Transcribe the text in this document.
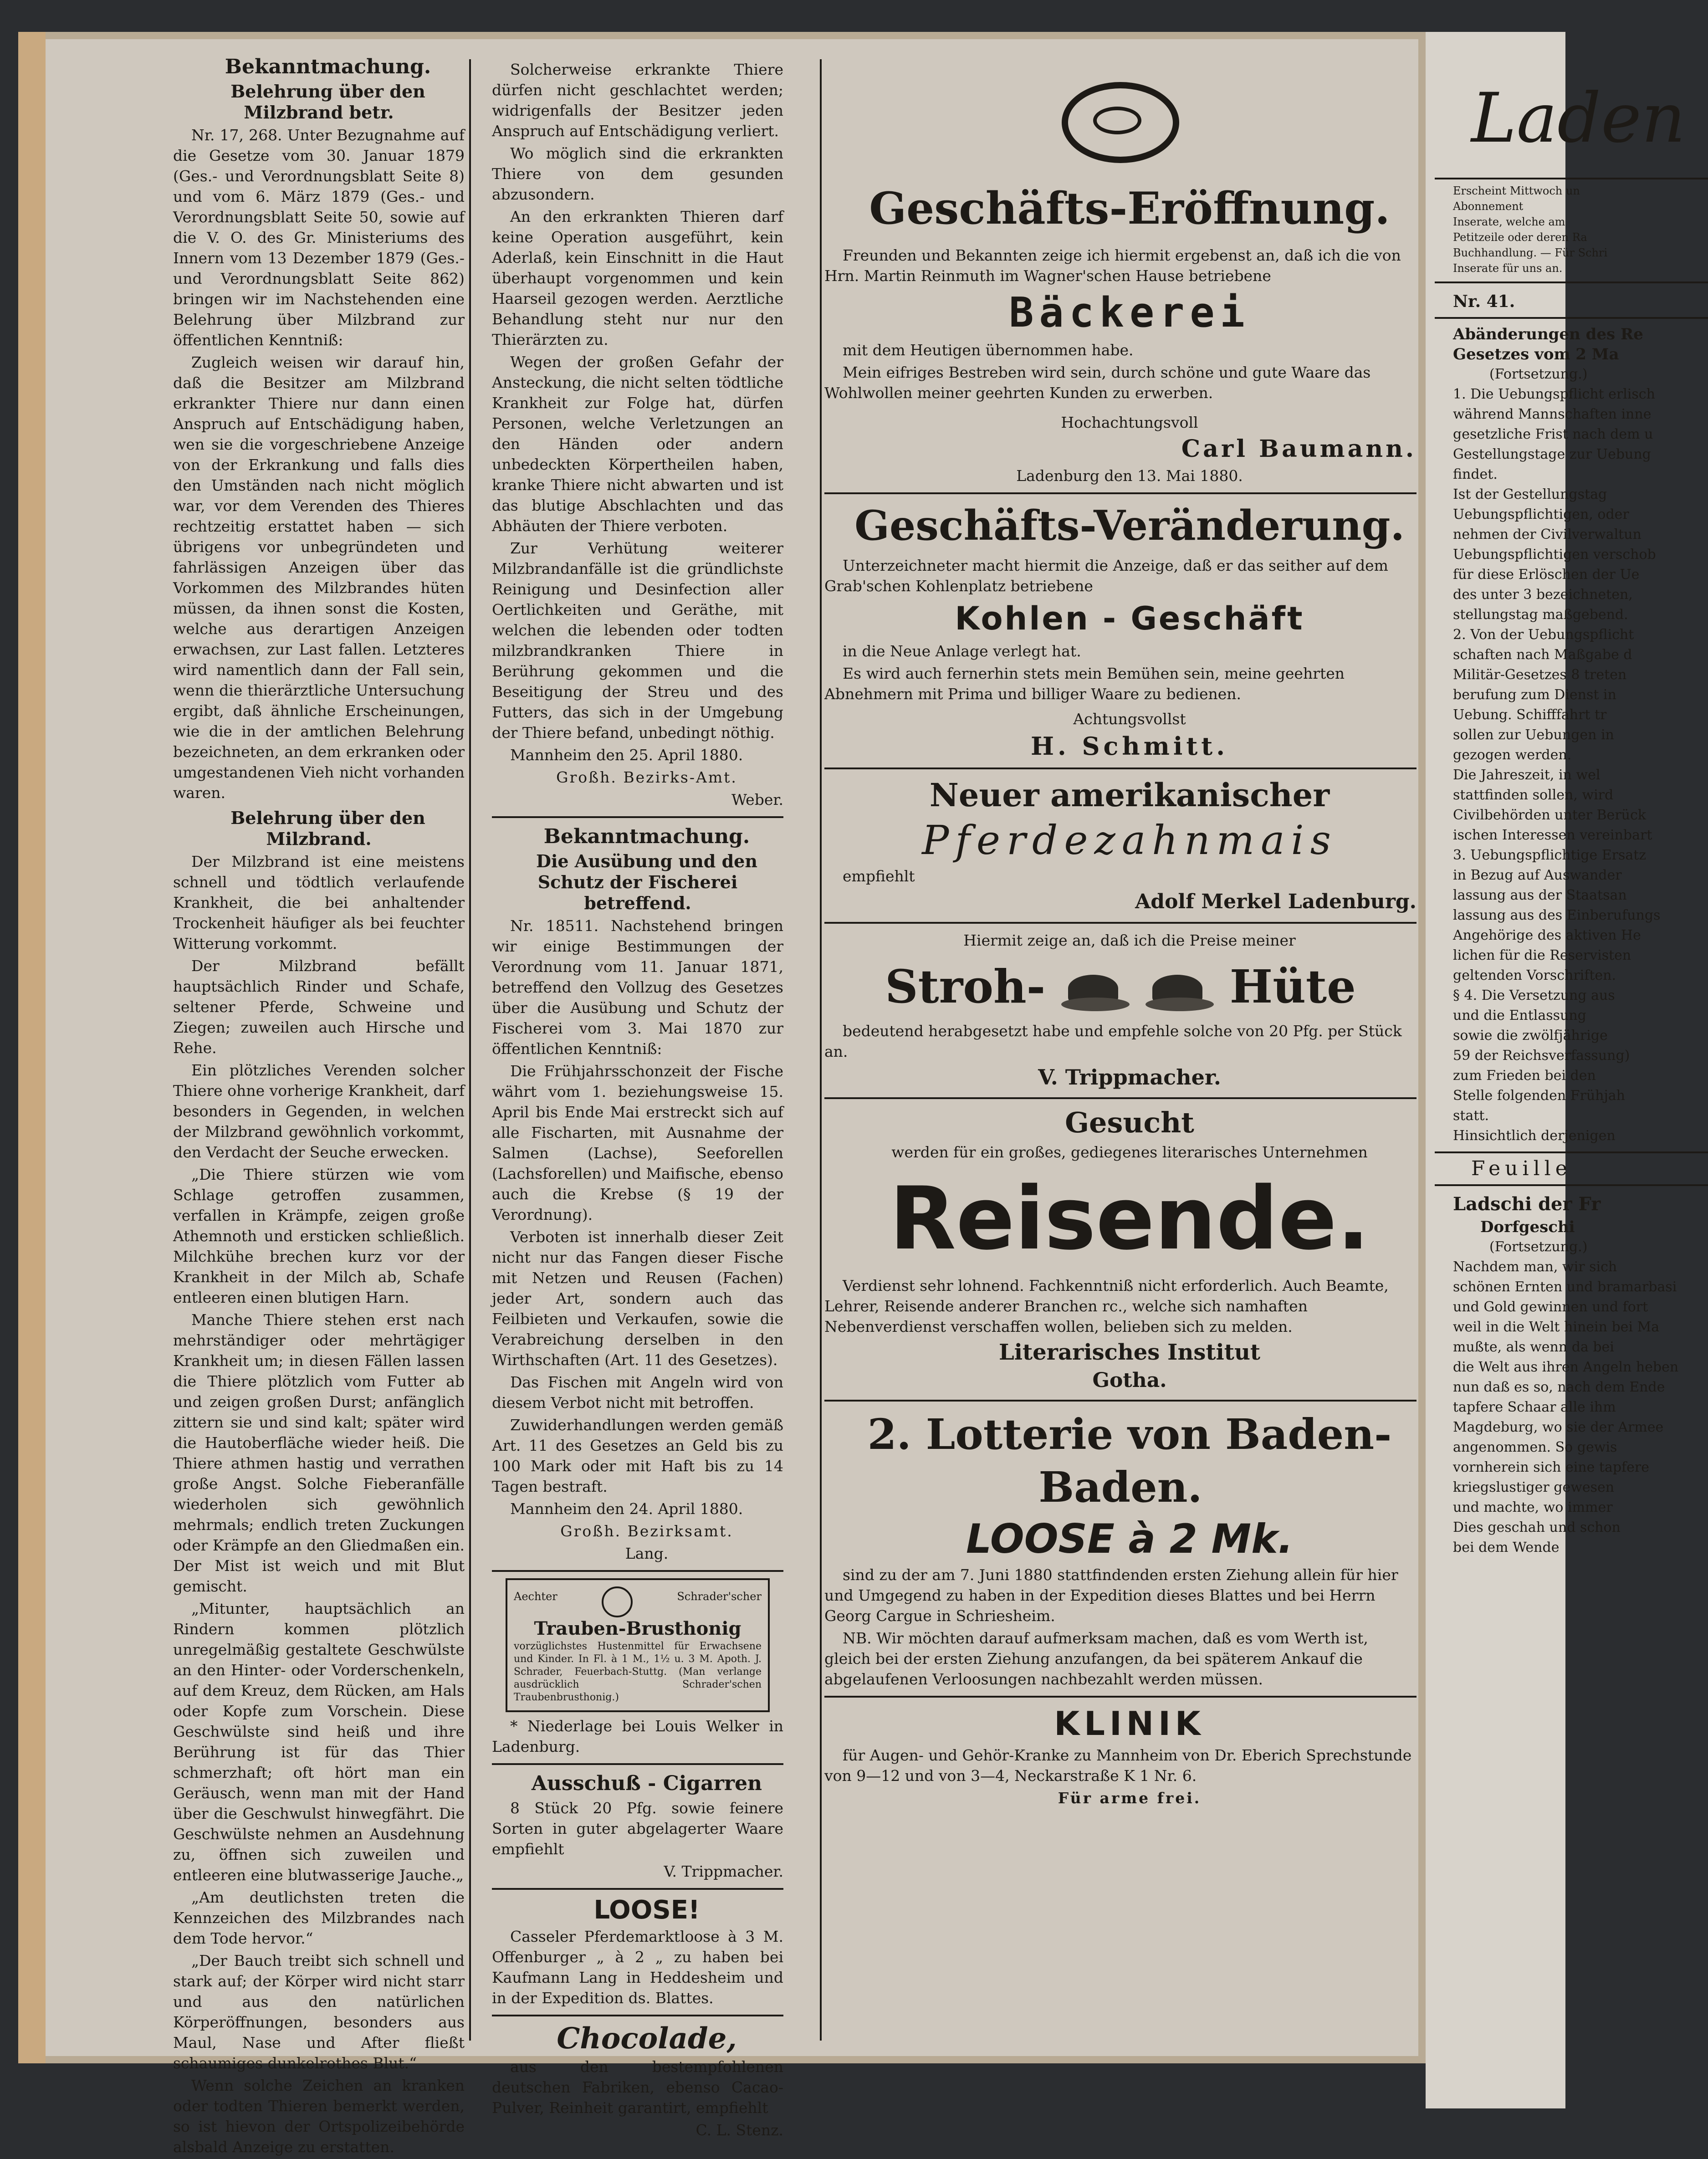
Bekanntmachung.

Belehrung über den Milzbrand betr.

Nr. 17, 268. Unter Bezugnahme auf die Gesetze vom 30. Januar 1879 (Ges.- und Verordnungsblatt Seite 8) und vom 6. März 1879 (Ges.- und Verordnungsblatt Seite 50, sowie auf die V. O. des Gr. Ministeriums des Innern vom 13 Dezember 1879 (Ges.- und Verordnungsblatt Seite 862) bringen wir im Nachstehenden eine Belehrung über Milzbrand zur öffentlichen Kenntniß:

Zugleich weisen wir darauf hin, daß die Besitzer am Milzbrand erkrankter Thiere nur dann einen Anspruch auf Entschädigung haben, wen sie die vorgeschriebene Anzeige von der Erkrankung und falls dies den Umständen nach nicht möglich war, vor dem Verenden des Thieres rechtzeitig erstattet haben — sich übrigens vor unbegründeten und fahrlässigen Anzeigen über das Vorkommen des Milzbrandes hüten müssen, da ihnen sonst die Kosten, welche aus derartigen Anzeigen erwachsen, zur Last fallen. Letzteres wird namentlich dann der Fall sein, wenn die thierärztliche Untersuchung ergibt, daß ähnliche Erscheinungen, wie die in der amtlichen Belehrung bezeichneten, an dem erkranken oder umgestandenen Vieh nicht vorhanden waren.

Belehrung über den Milzbrand.

Der Milzbrand ist eine meistens schnell und tödtlich verlaufende Krankheit, die bei anhaltender Trockenheit häufiger als bei feuchter Witterung vorkommt.

Der Milzbrand befällt hauptsächlich Rinder und Schafe, seltener Pferde, Schweine und Ziegen; zuweilen auch Hirsche und Rehe.

Ein plötzliches Verenden solcher Thiere ohne vorherige Krankheit, darf besonders in Gegenden, in welchen der Milzbrand gewöhnlich vorkommt, den Verdacht der Seuche erwecken.

„Die Thiere stürzen wie vom Schlage getroffen zusammen, verfallen in Krämpfe, zeigen große Athemnoth und ersticken schließlich. Milchkühe brechen kurz vor der Krankheit in der Milch ab, Schafe entleeren einen blutigen Harn.

Manche Thiere stehen erst nach mehrständiger oder mehrtägiger Krankheit um; in diesen Fällen lassen die Thiere plötzlich vom Futter ab und zeigen großen Durst; anfänglich zittern sie und sind kalt; später wird die Hautoberfläche wieder heiß. Die Thiere athmen hastig und verrathen große Angst. Solche Fieberanfälle wiederholen sich gewöhnlich mehrmals; endlich treten Zuckungen oder Krämpfe an den Gliedmaßen ein. Der Mist ist weich und mit Blut gemischt.

„Mitunter, hauptsächlich an Rindern kommen plötzlich unregelmäßig gestaltete Geschwülste an den Hinter- oder Vorderschenkeln, auf dem Kreuz, dem Rücken, am Hals oder Kopfe zum Vorschein. Diese Geschwülste sind heiß und ihre Berührung ist für das Thier schmerzhaft; oft hört man ein Geräusch, wenn man mit der Hand über die Geschwulst hinwegfährt. Die Geschwülste nehmen an Ausdehnung zu, öffnen sich zuweilen und entleeren eine blutwasserige Jauche.„

„Am deutlichsten treten die Kennzeichen des Milzbrandes nach dem Tode hervor.“

„Der Bauch treibt sich schnell und stark auf; der Körper wird nicht starr und aus den natürlichen Körperöffnungen, besonders aus Maul, Nase und After fließt schaumiges dunkelrothes Blut.“

Wenn solche Zeichen an kranken oder todten Thieren bemerkt werden, so ist hievon der Ortspolizeibehörde alsbald Anzeige zu erstatten.

Solcherweise erkrankte Thiere dürfen nicht geschlachtet werden; widrigenfalls der Besitzer jeden Anspruch auf Entschädigung verliert.

Wo möglich sind die erkrankten Thiere von dem gesunden abzusondern.

An den erkrankten Thieren darf keine Operation ausgeführt, kein Aderlaß, kein Einschnitt in die Haut überhaupt vorgenommen und kein Haarseil gezogen werden. Aerztliche Behandlung steht nur nur den Thierärzten zu.

Wegen der großen Gefahr der Ansteckung, die nicht selten tödtliche Krankheit zur Folge hat, dürfen Personen, welche Verletzungen an den Händen oder andern unbedeckten Körpertheilen haben, kranke Thiere nicht abwarten und ist das blutige Abschlachten und das Abhäuten der Thiere verboten.

Zur Verhütung weiterer Milzbrandanfälle ist die gründlichste Reinigung und Desinfection aller Oertlichkeiten und Geräthe, mit welchen die lebenden oder todten milzbrandkranken Thiere in Berührung gekommen und die Beseitigung der Streu und des Futters, das sich in der Umgebung der Thiere befand, unbedingt nöthig.

Mannheim den 25. April 1880.

Großh. Bezirks-Amt.

Weber.

Bekanntmachung.

Die Ausübung und den Schutz der Fischerei betreffend.

Nr. 18511. Nachstehend bringen wir einige Bestimmungen der Verordnung vom 11. Januar 1871, betreffend den Vollzug des Gesetzes über die Ausübung und Schutz der Fischerei vom 3. Mai 1870 zur öffentlichen Kenntniß:

Die Frühjahrsschonzeit der Fische währt vom 1. beziehungsweise 15. April bis Ende Mai erstreckt sich auf alle Fischarten, mit Ausnahme der Salmen (Lachse), Seeforellen (Lachsforellen) und Maifische, ebenso auch die Krebse (§ 19 der Verordnung).

Verboten ist innerhalb dieser Zeit nicht nur das Fangen dieser Fische mit Netzen und Reusen (Fachen) jeder Art, sondern auch das Feilbieten und Verkaufen, sowie die Verabreichung derselben in den Wirthschaften (Art. 11 des Gesetzes).

Das Fischen mit Angeln wird von diesem Verbot nicht mit betroffen.

Zuwiderhandlungen werden gemäß Art. 11 des Gesetzes an Geld bis zu 100 Mark oder mit Haft bis zu 14 Tagen bestraft.

Mannheim den 24. April 1880.

Großh. Bezirksamt.

Lang.

Aechter	Schrader'scher
Trauben-Brusthonig
vorzüglichstes Hustenmittel für Erwachsene und Kinder. In Fl. à 1 M., 1½ u. 3 M. Apoth. J. Schrader, Feuerbach-Stuttg. (Man verlange ausdrücklich Schrader'schen Traubenbrusthonig.)

* Niederlage bei Louis Welker in Ladenburg.

Ausschuß - Cigarren

8 Stück 20 Pfg. sowie feinere Sorten in guter abgelagerter Waare empfiehlt

V. Trippmacher.

LOOSE!

Casseler Pferdemarktloose à 3 M. Offenburger „ à 2 „ zu haben bei Kaufmann Lang in Heddesheim und in der Expedition ds. Blattes.

Chocolade,

aus den bestempfohlenen deutschen Fabriken, ebenso Cacao-Pulver, Reinheit garantirt, empfiehlt

C. L. Stenz.

Geschäfts-Eröffnung.

Freunden und Bekannten zeige ich hiermit ergebenst an, daß ich die von Hrn. Martin Reinmuth im Wagner'schen Hause betriebene

Bäckerei

mit dem Heutigen übernommen habe.

Mein eifriges Bestreben wird sein, durch schöne und gute Waare das Wohlwollen meiner geehrten Kunden zu erwerben.

Hochachtungsvoll

Carl Baumann.

Ladenburg den 13. Mai 1880.

Geschäfts-Veränderung.

Unterzeichneter macht hiermit die Anzeige, daß er das seither auf dem Grab'schen Kohlenplatz betriebene

Kohlen - Geschäft

in die Neue Anlage verlegt hat.

Es wird auch fernerhin stets mein Bemühen sein, meine geehrten Abnehmern mit Prima und billiger Waare zu bedienen.

Achtungsvollst

H. Schmitt.

Neuer amerikanischer

Pferdezahnmais

empfiehlt

Adolf Merkel Ladenburg.

Hiermit zeige an, daß ich die Preise meiner

Stroh-	Hüte

bedeutend herabgesetzt habe und empfehle solche von 20 Pfg. per Stück an.

V. Trippmacher.

Gesucht

werden für ein großes, gediegenes literarisches Unternehmen

Reisende.

Verdienst sehr lohnend. Fachkenntniß nicht erforderlich. Auch Beamte, Lehrer, Reisende anderer Branchen rc., welche sich namhaften Nebenverdienst verschaffen wollen, belieben sich zu melden.

Literarisches Institut

Gotha.

2. Lotterie von Baden-Baden.

LOOSE à 2 Mk.

sind zu der am 7. Juni 1880 stattfindenden ersten Ziehung allein für hier und Umgegend zu haben in der Expedition dieses Blattes und bei Herrn Georg Cargue in Schriesheim.

NB. Wir möchten darauf aufmerksam machen, daß es vom Werth ist, gleich bei der ersten Ziehung anzufangen, da bei späterem Ankauf die abgelaufenen Verloosungen nachbezahlt werden müssen.

KLINIK

für Augen- und Gehör-Kranke zu Mannheim von Dr. Eberich Sprechstunde von 9—12 und von 3—4, Neckarstraße K 1 Nr. 6.

Für arme frei.

Laden

Erscheint Mittwoch un

Abonnement

Inserate, welche am

Petitzeile oder deren Ra

Buchhandlung. — Für Schri

Inserate für uns an.

Nr. 41.

Abänderungen des Re

Gesetzes vom 2 Ma

(Fortsetzung.)

1. Die Uebungspflicht erlisch

während Mannschaften inne

gesetzliche Frist nach dem u

Gestellungstage zur Uebung

findet.

Ist der Gestellungstag

Uebungspflichtigen, oder

nehmen der Civilverwaltun

Uebungspflichtigen verschob

für diese Erlöschen der Ue

des unter 3 bezeichneten,

stellungstag maßgebend.

2. Von der Uebungspflicht

schaften nach Maßgabe d

Militär-Gesetzes 8 treten

berufung zum Dienst in

Uebung. Schifffahrt tr

sollen zur Uebungen in

gezogen werden.

Die Jahreszeit, in wel

stattfinden sollen, wird

Civilbehörden unter Berück

ischen Interessen vereinbart

3. Uebungspflichtige Ersatz

in Bezug auf Auswander

lassung aus der Staatsan

lassung aus des Einberufungs

Angehörige des aktiven He

lichen für die Reservisten

geltenden Vorschriften.

§ 4. Die Versetzung aus

und die Entlassung

sowie die zwölfjährige

59 der Reichsverfassung)

zum Frieden bei den

Stelle folgenden Frühjah

statt.

Hinsichtlich derjenigen

Feuille

Ladschi der Fr

Dorfgeschi

(Fortsetzung.)

Nachdem man, wir sich

schönen Ernten und bramarbasi

und Gold gewinnen und fort

weil in die Welt hinein bei Ma

mußte, als wenn da bei

die Welt aus ihren Angeln heben

nun daß es so, nach dem Ende

tapfere Schaar alle ihm

Magdeburg, wo sie der Armee

angenommen. So gewis

vornherein sich eine tapfere

kriegslustiger gewesen

und machte, wo immer

Dies geschah und schon

bei dem Wende
